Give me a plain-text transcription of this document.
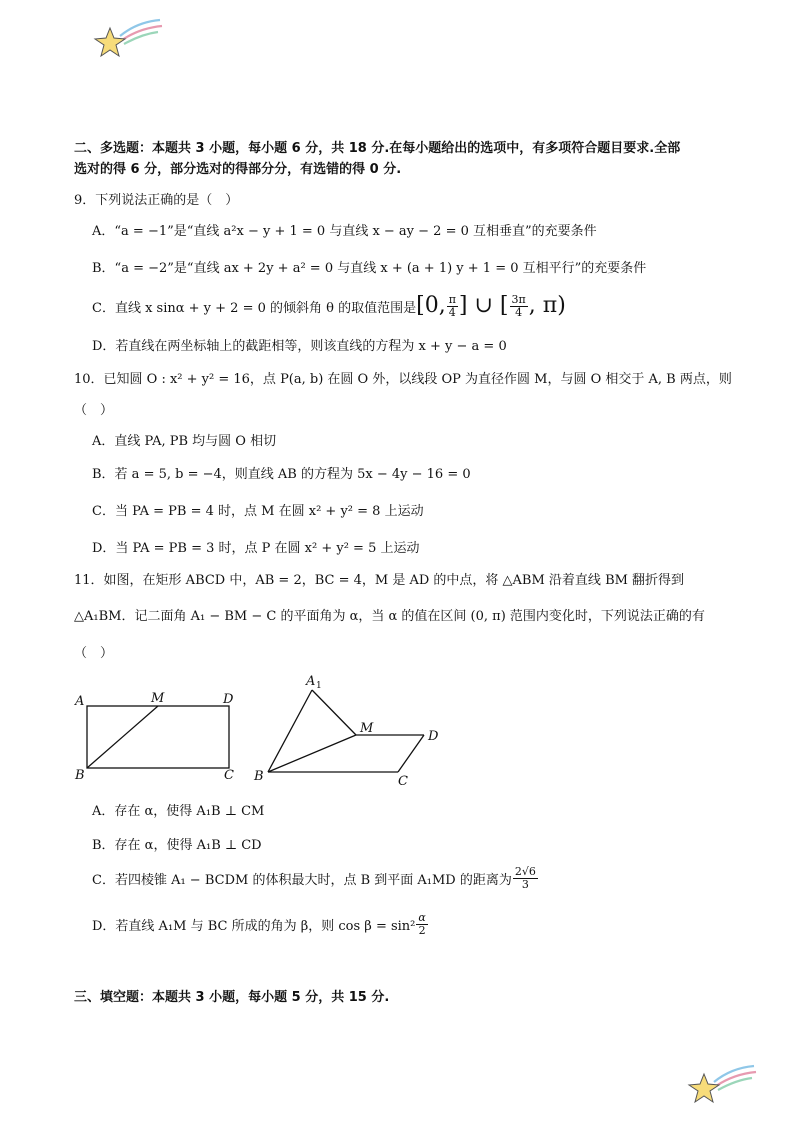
二、多选题：本题共 3 小题，每小题 6 分，共 18 分.在每小题给出的选项中，有多项符合题目要求.全部
选对的得 6 分，部分选对的得部分分，有选错的得 0 分.
9．下列说法正确的是（　）
A．“a = −1”是“直线 a²x − y + 1 = 0 与直线 x − ay − 2 = 0 互相垂直”的充要条件
B．“a = −2”是“直线 ax + 2y + a² = 0 与直线 x + (a + 1) y + 1 = 0 互相平行”的充要条件
C．直线 x sinα + y + 2 = 0 的倾斜角 θ 的取值范围是 [0, $\frac{\pi}{4}$ ] ∪ [ $\frac{3\pi}{4}$ , π)
D．若直线在两坐标轴上的截距相等，则该直线的方程为 x + y − a = 0
10．已知圆 O : x² + y² = 16，点 P(a, b) 在圆 O 外，以线段 OP 为直径作圆 M，与圆 O 相交于 A, B 两点，则
（　）
A．直线 PA, PB 均与圆 O 相切
B．若 a = 5, b = −4，则直线 AB 的方程为 5x − 4y − 16 = 0
C．当 PA = PB = 4 时，点 M 在圆 x² + y² = 8 上运动
D．当 PA = PB = 3 时，点 P 在圆 x² + y² = 5 上运动
11．如图，在矩形 ABCD 中，AB = 2，BC = 4，M 是 AD 的中点，将 △ABM 沿着直线 BM 翻折得到
△A₁BM．记二面角 A₁ − BM − C 的平面角为 α，当 α 的值在区间 (0, π) 范围内变化时，下列说法正确的有
（　）
A	M	D
B	C
A 1
M
D
B	C
A．存在 α，使得 A₁B ⊥ CM
B．存在 α，使得 A₁B ⊥ CD
C．若四棱锥 A₁ − BCDM 的体积最大时，点 B 到平面 A₁MD 的距离为 $\frac{2√6}{3}$
D．若直线 A₁M 与 BC 所成的角为 β，则 $\cos \beta = \sin^2 \frac{\alpha}{2}$
三、填空题：本题共 3 小题，每小题 5 分，共 15 分.
